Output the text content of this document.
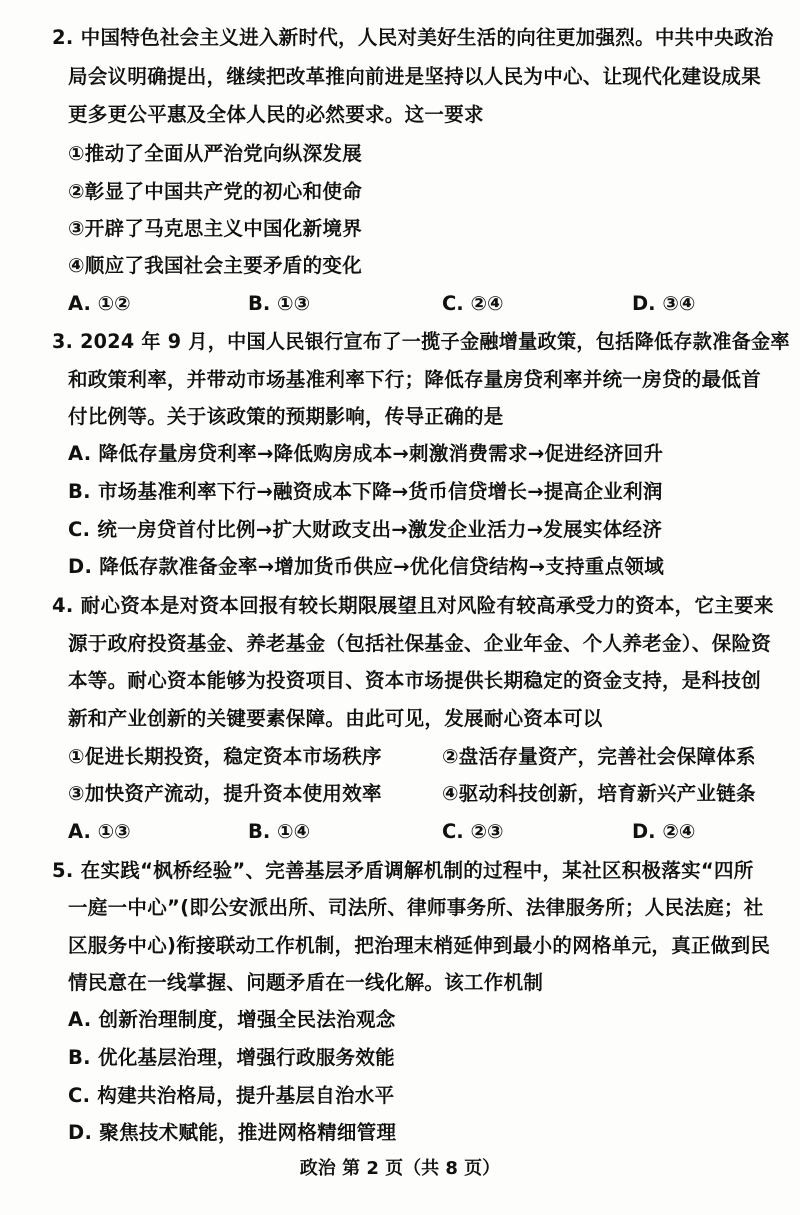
2. 中国特色社会主义进入新时代，人民对美好生活的向往更加强烈。中共中央政治
局会议明确提出，继续把改革推向前进是坚持以人民为中心、让现代化建设成果
更多更公平惠及全体人民的必然要求。这一要求
①推动了全面从严治党向纵深发展
②彰显了中国共产党的初心和使命
③开辟了马克思主义中国化新境界
④顺应了我国社会主要矛盾的变化
A. ①②	B. ①③	C. ②④	D. ③④
3. 2024 年 9 月，中国人民银行宣布了一揽子金融增量政策，包括降低存款准备金率
和政策利率，并带动市场基准利率下行；降低存量房贷利率并统一房贷的最低首
付比例等。关于该政策的预期影响，传导正确的是
A. 降低存量房贷利率→降低购房成本→刺激消费需求→促进经济回升
B. 市场基准利率下行→融资成本下降→货币信贷增长→提高企业利润
C. 统一房贷首付比例→扩大财政支出→激发企业活力→发展实体经济
D. 降低存款准备金率→增加货币供应→优化信贷结构→支持重点领域
4. 耐心资本是对资本回报有较长期限展望且对风险有较高承受力的资本，它主要来
源于政府投资基金、养老基金（包括社保基金、企业年金、个人养老金）、保险资
本等。耐心资本能够为投资项目、资本市场提供长期稳定的资金支持，是科技创
新和产业创新的关键要素保障。由此可见，发展耐心资本可以
①促进长期投资，稳定资本市场秩序	②盘活存量资产，完善社会保障体系
③加快资产流动，提升资本使用效率	④驱动科技创新，培育新兴产业链条
A. ①③	B. ①④	C. ②③	D. ②④
5. 在实践“枫桥经验”、完善基层矛盾调解机制的过程中，某社区积极落实“四所
一庭一中心”(即公安派出所、司法所、律师事务所、法律服务所；人民法庭；社
区服务中心)衔接联动工作机制，把治理末梢延伸到最小的网格单元，真正做到民
情民意在一线掌握、问题矛盾在一线化解。该工作机制
A. 创新治理制度，增强全民法治观念
B. 优化基层治理，增强行政服务效能
C. 构建共治格局，提升基层自治水平
D. 聚焦技术赋能，推进网格精细管理
政治 第 2 页（共 8 页）
